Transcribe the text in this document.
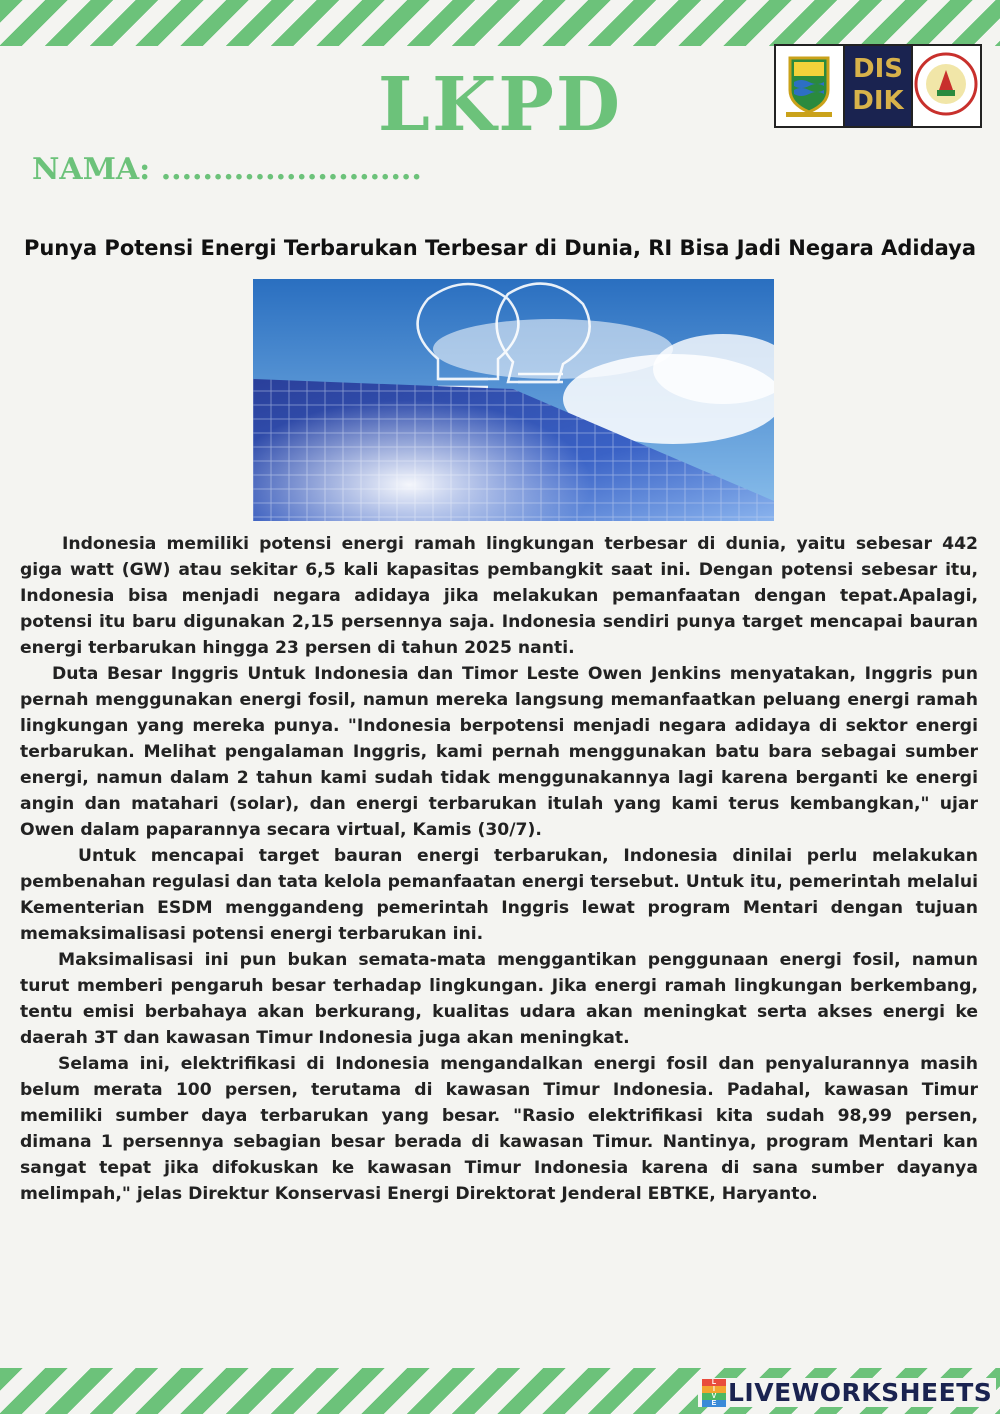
LKPD
NAMA: .........................
DIS
DIK
Punya Potensi Energi Terbarukan Terbesar di Dunia, RI Bisa Jadi Negara Adidaya

Indonesia memiliki potensi energi ramah lingkungan terbesar di dunia, yaitu sebesar 442 giga watt (GW) atau sekitar 6,5 kali kapasitas pembangkit saat ini. Dengan potensi sebesar itu, Indonesia bisa menjadi negara adidaya jika melakukan pemanfaatan dengan tepat.Apalagi, potensi itu baru digunakan 2,15 persennya saja. Indonesia sendiri punya target mencapai bauran energi terbarukan hingga 23 persen di tahun 2025 nanti.

Duta Besar Inggris Untuk Indonesia dan Timor Leste Owen Jenkins menyatakan, Inggris pun pernah menggunakan energi fosil, namun mereka langsung memanfaatkan peluang energi ramah lingkungan yang mereka punya. "Indonesia berpotensi menjadi negara adidaya di sektor energi terbarukan. Melihat pengalaman Inggris, kami pernah menggunakan batu bara sebagai sumber energi, namun dalam 2 tahun kami sudah tidak menggunakannya lagi karena berganti ke energi angin dan matahari (solar), dan energi terbarukan itulah yang kami terus kembangkan," ujar Owen dalam paparannya secara virtual, Kamis (30/7).

Untuk mencapai target bauran energi terbarukan, Indonesia dinilai perlu melakukan pembenahan regulasi dan tata kelola pemanfaatan energi tersebut. Untuk itu, pemerintah melalui Kementerian ESDM menggandeng pemerintah Inggris lewat program Mentari dengan tujuan memaksimalisasi potensi energi terbarukan ini.

Maksimalisasi ini pun bukan semata-mata menggantikan penggunaan energi fosil, namun turut memberi pengaruh besar terhadap lingkungan. Jika energi ramah lingkungan berkembang, tentu emisi berbahaya akan berkurang, kualitas udara akan meningkat serta akses energi ke daerah 3T dan kawasan Timur Indonesia juga akan meningkat.

Selama ini, elektrifikasi di Indonesia mengandalkan energi fosil dan penyalurannya masih belum merata 100 persen, terutama di kawasan Timur Indonesia. Padahal, kawasan Timur memiliki sumber daya terbarukan yang besar. "Rasio elektrifikasi kita sudah 98,99 persen, dimana 1 persennya sebagian besar berada di kawasan Timur. Nantinya, program Mentari kan sangat tepat jika difokuskan ke kawasan Timur Indonesia karena di sana sumber dayanya melimpah," jelas Direktur Konservasi Energi Direktorat Jenderal EBTKE, Haryanto.

L
I
V
E LIVEWORKSHEETS
